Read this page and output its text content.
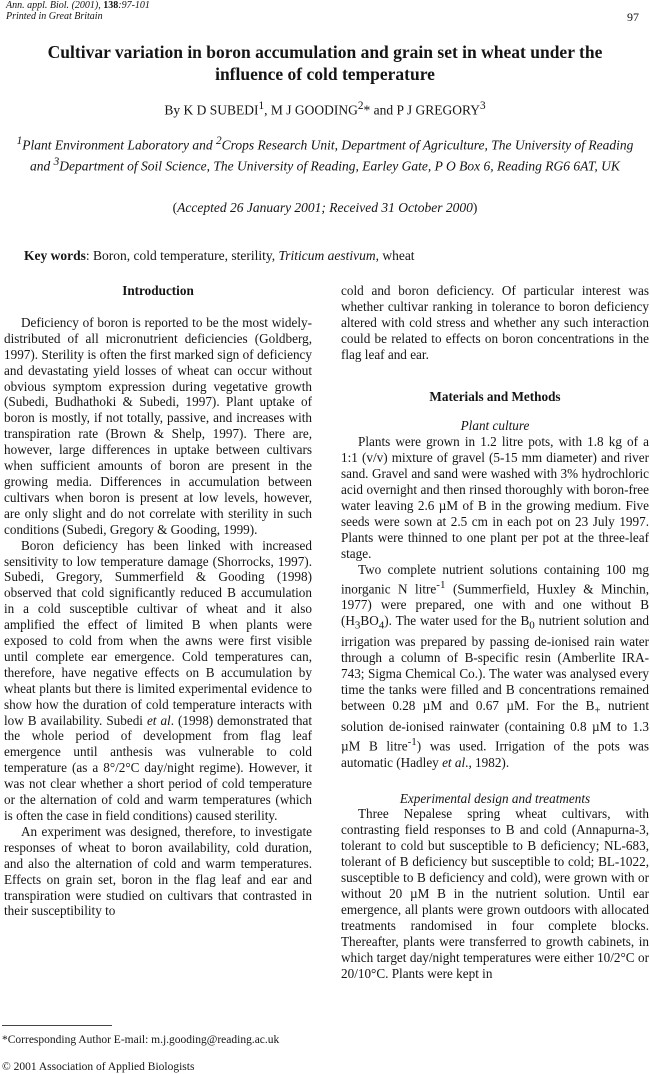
Ann. appl. Biol. (2001), 138:97-101
Printed in Great Britain	97
Cultivar variation in boron accumulation and grain set in wheat under the influence of cold temperature
By K D SUBEDI$^1$, M J GOODING$^2$* and P J GREGORY$^3$
$^1$Plant Environment Laboratory and $^2$Crops Research Unit, Department of Agriculture, The University of Reading and $^3$Department of Soil Science, The University of Reading, Earley Gate, P O Box 6, Reading RG6 6AT, UK
(Accepted 26 January 2001; Received 31 October 2000)
Key words: Boron, cold temperature, sterility, Triticum aestivum, wheat

Introduction

Deficiency of boron is reported to be the most widely-distributed of all micronutrient deficiencies (Goldberg, 1997). Sterility is often the first marked sign of deficiency and devastating yield losses of wheat can occur without obvious symptom expression during vegetative growth (Subedi, Budhathoki & Subedi, 1997). Plant uptake of boron is mostly, if not totally, passive, and increases with transpiration rate (Brown & Shelp, 1997). There are, however, large differences in uptake between cultivars when sufficient amounts of boron are present in the growing media. Differences in accumulation between cultivars when boron is present at low levels, however, are only slight and do not correlate with sterility in such conditions (Subedi, Gregory & Gooding, 1999).

Boron deficiency has been linked with increased sensitivity to low temperature damage (Shorrocks, 1997). Subedi, Gregory, Summerfield & Gooding (1998) observed that cold significantly reduced B accumulation in a cold susceptible cultivar of wheat and it also amplified the effect of limited B when plants were exposed to cold from when the awns were first visible until complete ear emergence. Cold temperatures can, therefore, have negative effects on B accumulation by wheat plants but there is limited experimental evidence to show how the duration of cold temperature interacts with low B availability. Subedi et al. (1998) demonstrated that the whole period of development from flag leaf emergence until anthesis was vulnerable to cold temperature (as a 8°/2°C day/night regime). However, it was not clear whether a short period of cold temperature or the alternation of cold and warm temperatures (which is often the case in field conditions) caused sterility.

An experiment was designed, therefore, to investigate responses of wheat to boron availability, cold duration, and also the alternation of cold and warm temperatures. Effects on grain set, boron in the flag leaf and ear and transpiration were studied on cultivars that contrasted in their susceptibility to

cold and boron deficiency. Of particular interest was whether cultivar ranking in tolerance to boron deficiency altered with cold stress and whether any such interaction could be related to effects on boron concentrations in the flag leaf and ear.

Materials and Methods

Plant culture

Plants were grown in 1.2 litre pots, with 1.8 kg of a 1:1 (v/v) mixture of gravel (5-15 mm diameter) and river sand. Gravel and sand were washed with 3% hydrochloric acid overnight and then rinsed thoroughly with boron-free water leaving 2.6 µM of B in the growing medium. Five seeds were sown at 2.5 cm in each pot on 23 July 1997. Plants were thinned to one plant per pot at the three-leaf stage.

Two complete nutrient solutions containing 100 mg inorganic N litre$^{-1}$ (Summerfield, Huxley & Minchin, 1977) were prepared, one with and one without B $(H_3BO_4)$. The water used for the $B_0$ nutrient solution and irrigation was prepared by passing de-ionised rain water through a column of B-specific resin (Amberlite IRA-743; Sigma Chemical Co.). The water was analysed every time the tanks were filled and B concentrations remained between 0.28 µM and 0.67 µM. For the $B_+$ nutrient solution de-ionised rainwater (containing 0.8 µM to 1.3 µM B litre$^{-1}$) was used. Irrigation of the pots was automatic (Hadley et al., 1982).

Experimental design and treatments

Three Nepalese spring wheat cultivars, with contrasting field responses to B and cold (Annapurna-3, tolerant to cold but susceptible to B deficiency; NL-683, tolerant of B deficiency but susceptible to cold; BL-1022, susceptible to B deficiency and cold), were grown with or without 20 µM B in the nutrient solution. Until ear emergence, all plants were grown outdoors with allocated treatments randomised in four complete blocks. Thereafter, plants were transferred to growth cabinets, in which target day/night temperatures were either 10/2°C or 20/10°C. Plants were kept in

*Corresponding Author E-mail: m.j.gooding@reading.ac.uk
© 2001 Association of Applied Biologists
